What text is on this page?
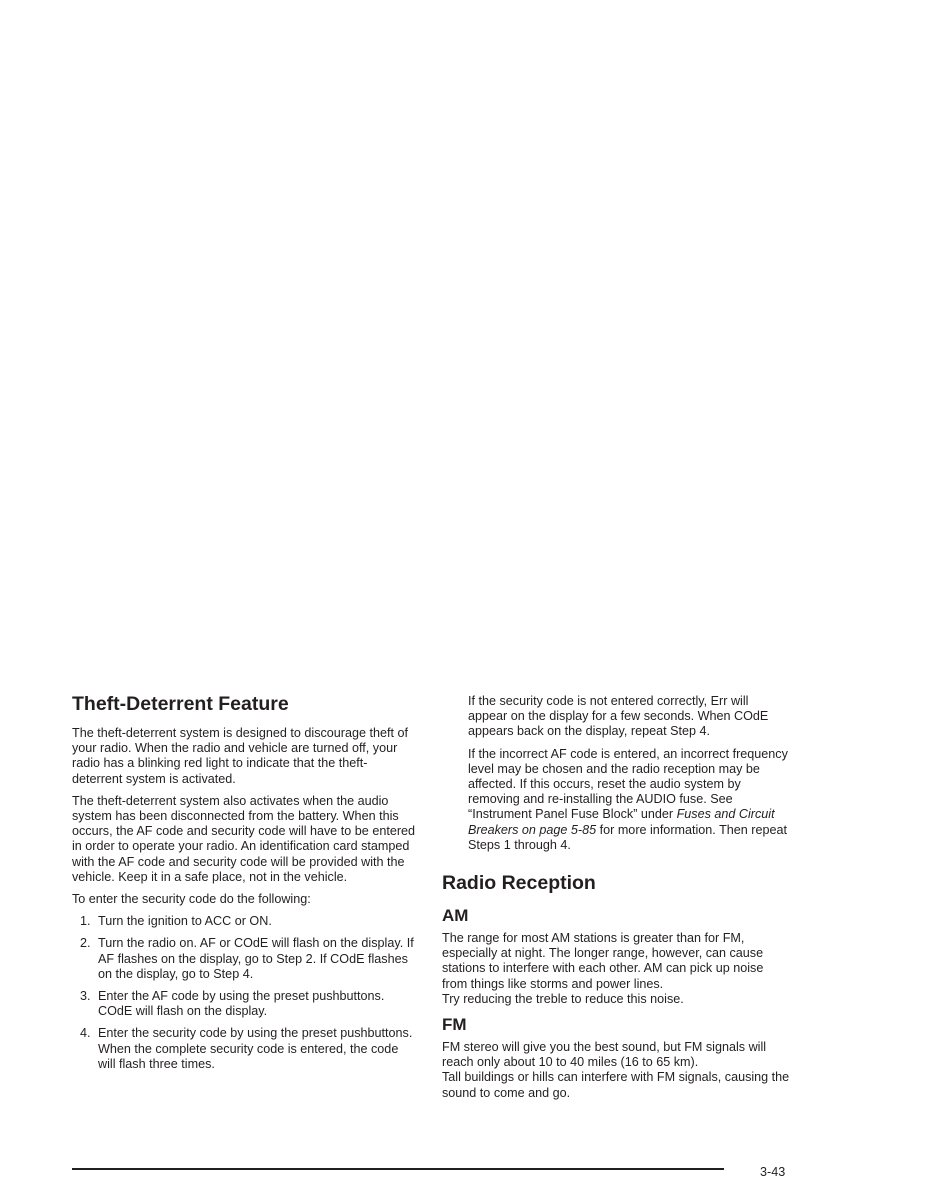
Theft-Deterrent Feature

The theft-deterrent system is designed to discourage theft of your radio. When the radio and vehicle are turned off, your radio has a blinking red light to indicate that the theft-deterrent system is activated.

The theft-deterrent system also activates when the audio system has been disconnected from the battery. When this occurs, the AF code and security code will have to be entered in order to operate your radio. An identification card stamped with the AF code and security code will be provided with the vehicle. Keep it in a safe place, not in the vehicle.

To enter the security code do the following:

1. Turn the ignition to ACC or ON.
2. Turn the radio on. AF or COdE will flash on the display. If AF flashes on the display, go to Step 2. If COdE flashes on the display, go to Step 4.
3. Enter the AF code by using the preset pushbuttons. COdE will flash on the display.
4. Enter the security code by using the preset pushbuttons. When the complete security code is entered, the code will flash three times.

If the security code is not entered correctly, Err will appear on the display for a few seconds. When COdE appears back on the display, repeat Step 4.

If the incorrect AF code is entered, an incorrect frequency level may be chosen and the radio reception may be affected. If this occurs, reset the audio system by removing and re-installing the AUDIO fuse. See “Instrument Panel Fuse Block” under Fuses and Circuit Breakers on page 5-85 for more information. Then repeat Steps 1 through 4.

Radio Reception
AM

The range for most AM stations is greater than for FM, especially at night. The longer range, however, can cause stations to interfere with each other. AM can pick up noise from things like storms and power lines.

Try reducing the treble to reduce this noise.

FM

FM stereo will give you the best sound, but FM signals will reach only about 10 to 40 miles (16 to 65 km).

Tall buildings or hills can interfere with FM signals, causing the sound to come and go.

3-43
